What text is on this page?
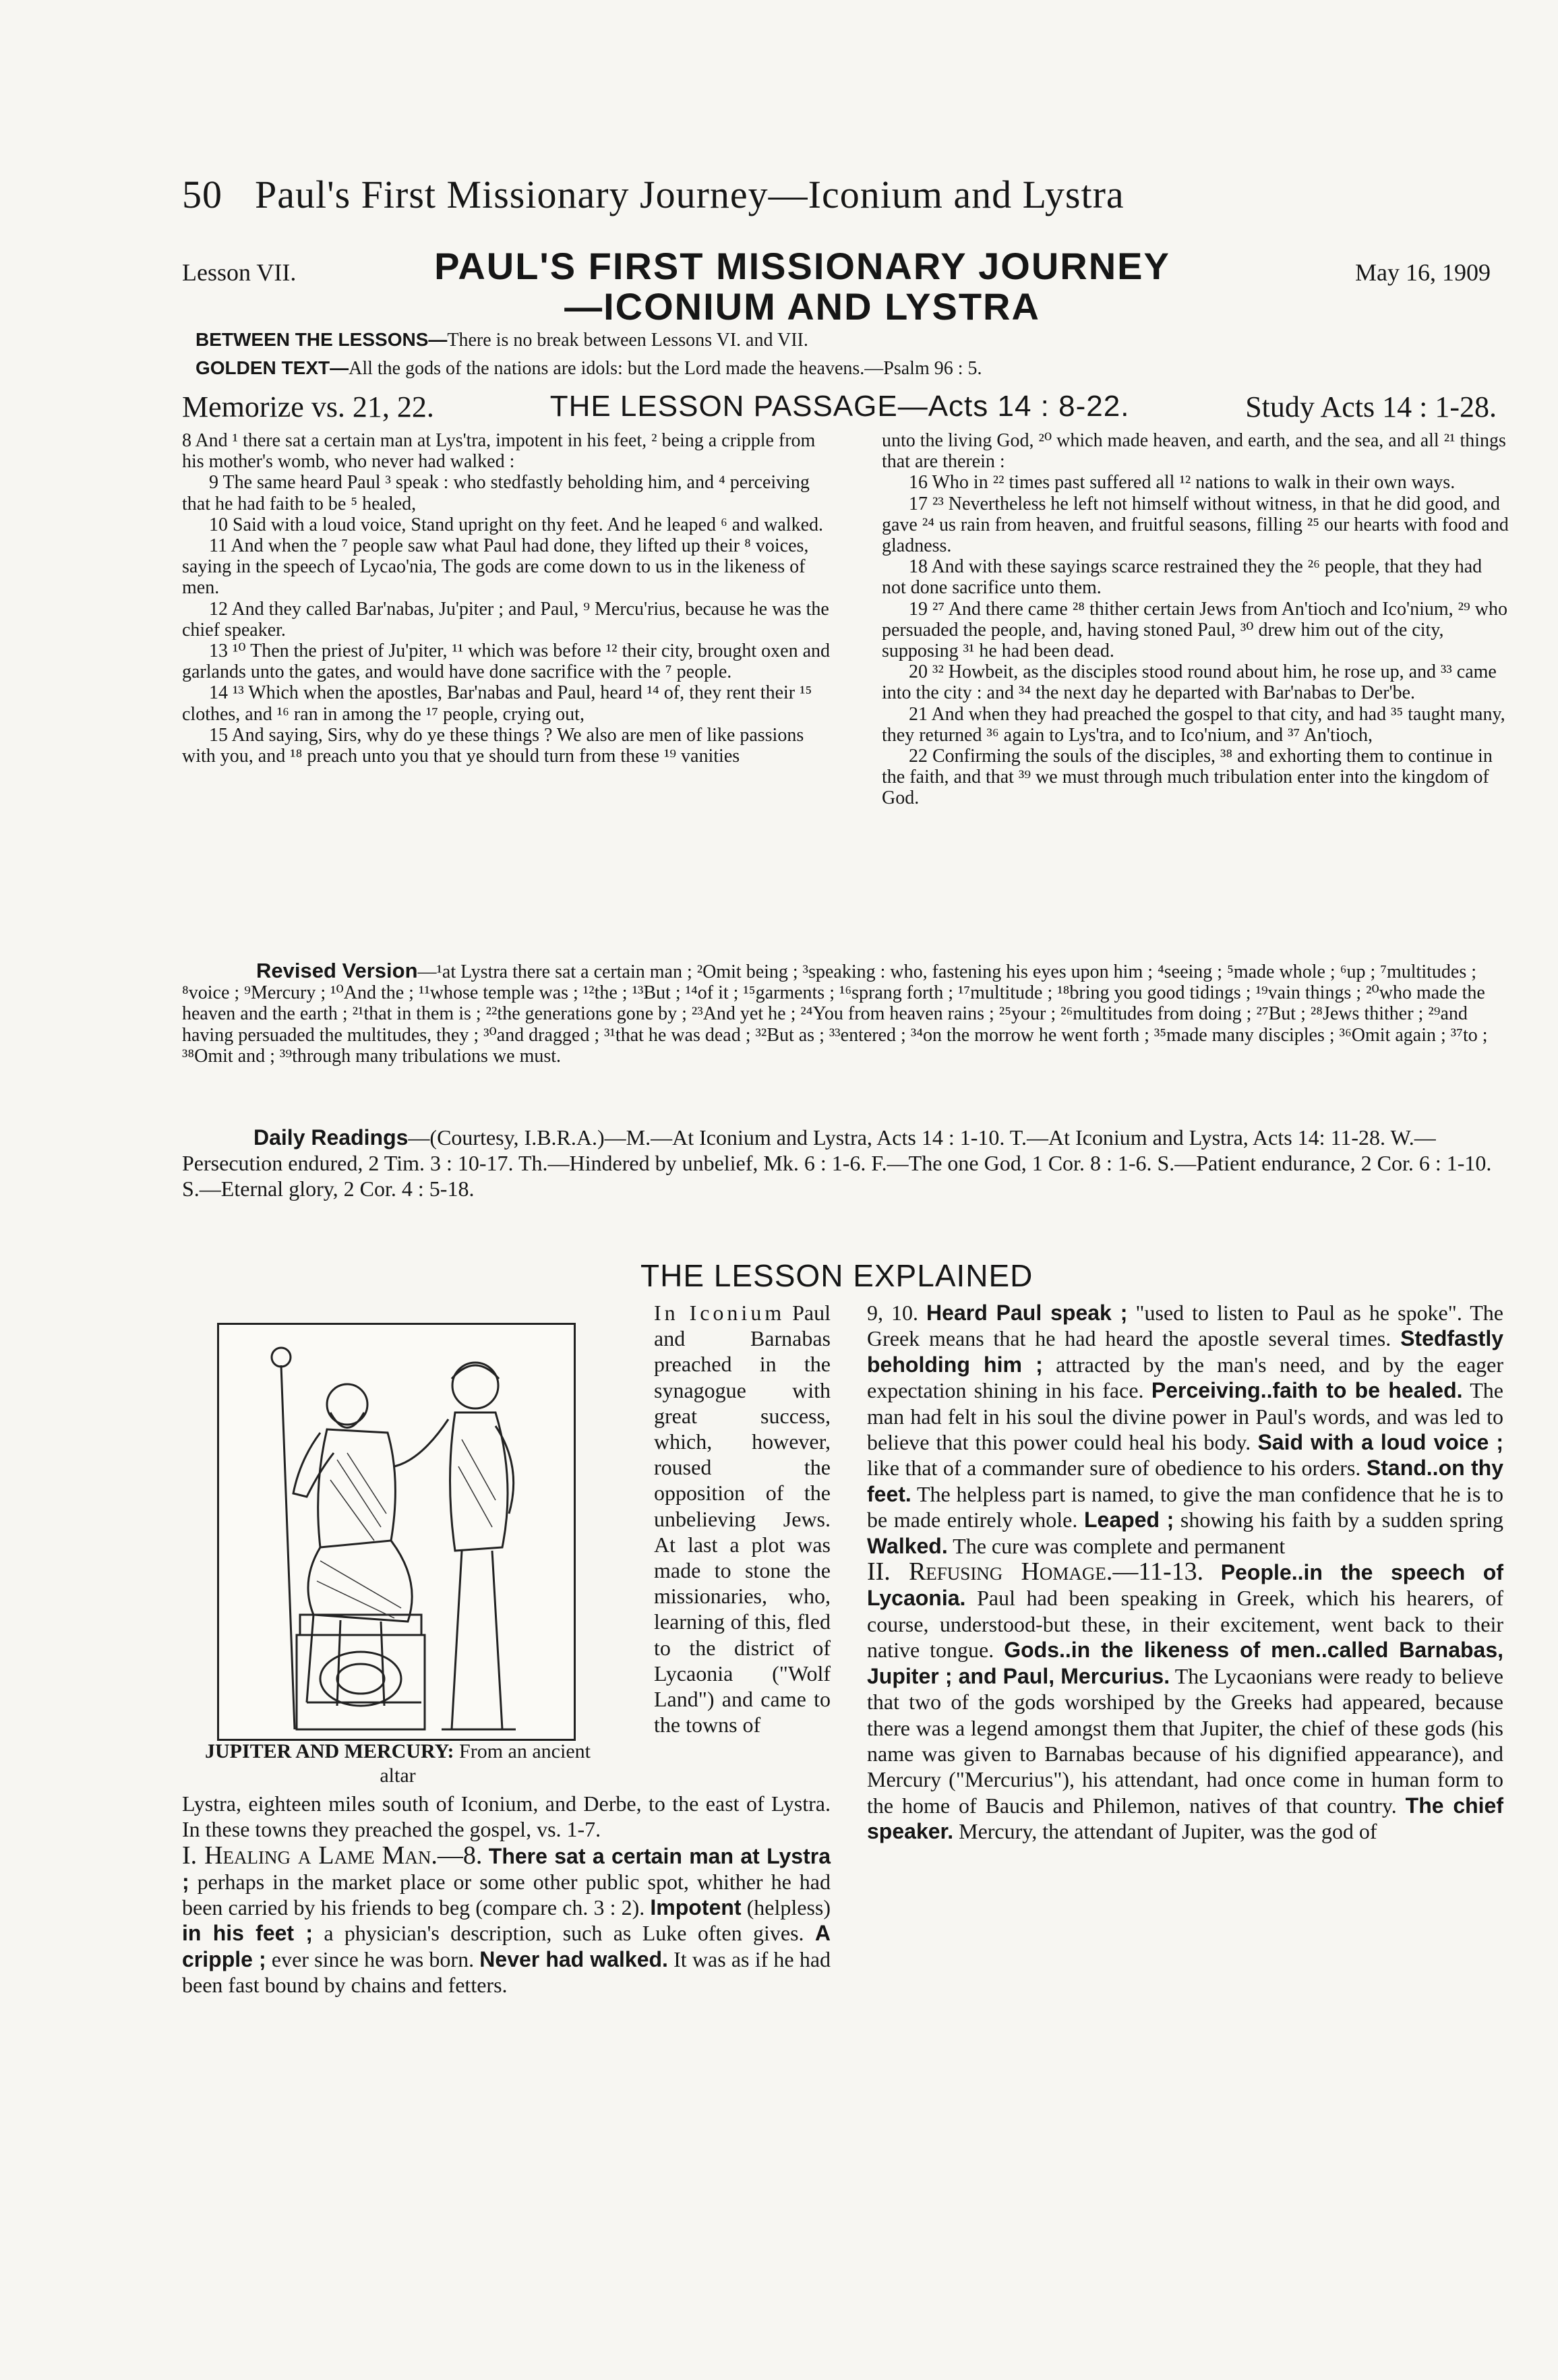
50 Paul's First Missionary Journey—Iconium and Lystra
Lesson VII.	PAUL'S FIRST MISSIONARY JOURNEY
—ICONIUM AND LYSTRA
May 16, 1909
BETWEEN THE LESSONS—There is no break between Lessons VI. and VII.
GOLDEN TEXT—All the gods of the nations are idols: but the Lord made the heavens.—Psalm 96 : 5.
Memorize vs. 21, 22.	THE LESSON PASSAGE—Acts 14 : 8-22.	Study Acts 14 : 1-28.

8 And ¹ there sat a certain man at Lys'tra, impotent in his feet, ² being a cripple from his mother's womb, who never had walked :

9 The same heard Paul ³ speak : who stedfastly beholding him, and ⁴ perceiving that he had faith to be ⁵ healed,

10 Said with a loud voice, Stand upright on thy feet. And he leaped ⁶ and walked.

11 And when the ⁷ people saw what Paul had done, they lifted up their ⁸ voices, saying in the speech of Lycao'nia, The gods are come down to us in the likeness of men.

12 And they called Bar'nabas, Ju'piter ; and Paul, ⁹ Mercu'rius, because he was the chief speaker.

13 ¹⁰ Then the priest of Ju'piter, ¹¹ which was before ¹² their city, brought oxen and garlands unto the gates, and would have done sacrifice with the ⁷ people.

14 ¹³ Which when the apostles, Bar'nabas and Paul, heard ¹⁴ of, they rent their ¹⁵ clothes, and ¹⁶ ran in among the ¹⁷ people, crying out,

15 And saying, Sirs, why do ye these things ? We also are men of like passions with you, and ¹⁸ preach unto you that ye should turn from these ¹⁹ vanities

unto the living God, ²⁰ which made heaven, and earth, and the sea, and all ²¹ things that are therein :

16 Who in ²² times past suffered all ¹² nations to walk in their own ways.

17 ²³ Nevertheless he left not himself without witness, in that he did good, and gave ²⁴ us rain from heaven, and fruitful seasons, filling ²⁵ our hearts with food and gladness.

18 And with these sayings scarce restrained they the ²⁶ people, that they had not done sacrifice unto them.

19 ²⁷ And there came ²⁸ thither certain Jews from An'tioch and Ico'nium, ²⁹ who persuaded the people, and, having stoned Paul, ³⁰ drew him out of the city, supposing ³¹ he had been dead.

20 ³² Howbeit, as the disciples stood round about him, he rose up, and ³³ came into the city : and ³⁴ the next day he departed with Bar'nabas to Der'be.

21 And when they had preached the gospel to that city, and had ³⁵ taught many, they returned ³⁶ again to Lys'tra, and to Ico'nium, and ³⁷ An'tioch,

22 Confirming the souls of the disciples, ³⁸ and exhorting them to continue in the faith, and that ³⁹ we must through much tribulation enter into the kingdom of God.

Revised Version—¹at Lystra there sat a certain man ; ²Omit being ; ³speaking : who, fastening his eyes upon him ; ⁴seeing ; ⁵made whole ; ⁶up ; ⁷multitudes ; ⁸voice ; ⁹Mercury ; ¹⁰And the ; ¹¹whose temple was ; ¹²the ; ¹³But ; ¹⁴of it ; ¹⁵garments ; ¹⁶sprang forth ; ¹⁷multitude ; ¹⁸bring you good tidings ; ¹⁹vain things ; ²⁰who made the heaven and the earth ; ²¹that in them is ; ²²the generations gone by ; ²³And yet he ; ²⁴You from heaven rains ; ²⁵your ; ²⁶multitudes from doing ; ²⁷But ; ²⁸Jews thither ; ²⁹and having persuaded the multitudes, they ; ³⁰and dragged ; ³¹that he was dead ; ³²But as ; ³³entered ; ³⁴on the morrow he went forth ; ³⁵made many disciples ; ³⁶Omit again ; ³⁷to ; ³⁸Omit and ; ³⁹through many tribulations we must.

Daily Readings—(Courtesy, I.B.R.A.)—M.—At Iconium and Lystra, Acts 14 : 1-10. T.—At Iconium and Lystra, Acts 14: 11-28. W.—Persecution endured, 2 Tim. 3 : 10-17. Th.—Hindered by unbelief, Mk. 6 : 1-6. F.—The one God, 1 Cor. 8 : 1-6. S.—Patient endurance, 2 Cor. 6 : 1-10. S.—Eternal glory, 2 Cor. 4 : 5-18.

THE LESSON EXPLAINED
JUPITER AND MERCURY: From an ancient altar

In Iconium Paul and Barnabas preached in the synagogue with great success, which, however, roused the opposition of the unbelieving Jews. At last a plot was made to stone the missionaries, who, learning of this, fled to the district of Lycaonia ("Wolf Land") and came to the towns of

Lystra, eighteen miles south of Iconium, and Derbe, to the east of Lystra. In these towns they preached the gospel, vs. 1-7.

I. Healing a Lame Man.—8. There sat a certain man at Lystra ; perhaps in the market place or some other public spot, whither he had been carried by his friends to beg (compare ch. 3 : 2). Impotent (helpless) in his feet ; a physician's description, such as Luke often gives. A cripple ; ever since he was born. Never had walked. It was as if he had been fast bound by chains and fetters.

9, 10. Heard Paul speak ; "used to listen to Paul as he spoke". The Greek means that he had heard the apostle several times. Stedfastly beholding him ; attracted by the man's need, and by the eager expectation shining in his face. Perceiving..faith to be healed. The man had felt in his soul the divine power in Paul's words, and was led to believe that this power could heal his body. Said with a loud voice ; like that of a commander sure of obedience to his orders. Stand..on thy feet. The helpless part is named, to give the man confidence that he is to be made entirely whole. Leaped ; showing his faith by a sudden spring Walked. The cure was complete and permanent

II. Refusing Homage.—11-13. People..in the speech of Lycaonia. Paul had been speaking in Greek, which his hearers, of course, understood-but these, in their excitement, went back to their native tongue. Gods..in the likeness of men..called Barnabas, Jupiter ; and Paul, Mercurius. The Lycaonians were ready to believe that two of the gods worshiped by the Greeks had appeared, because there was a legend amongst them that Jupiter, the chief of these gods (his name was given to Barnabas because of his dignified appearance), and Mercury ("Mercurius"), his attendant, had once come in human form to the home of Baucis and Philemon, natives of that country. The chief speaker. Mercury, the attendant of Jupiter, was the god of
